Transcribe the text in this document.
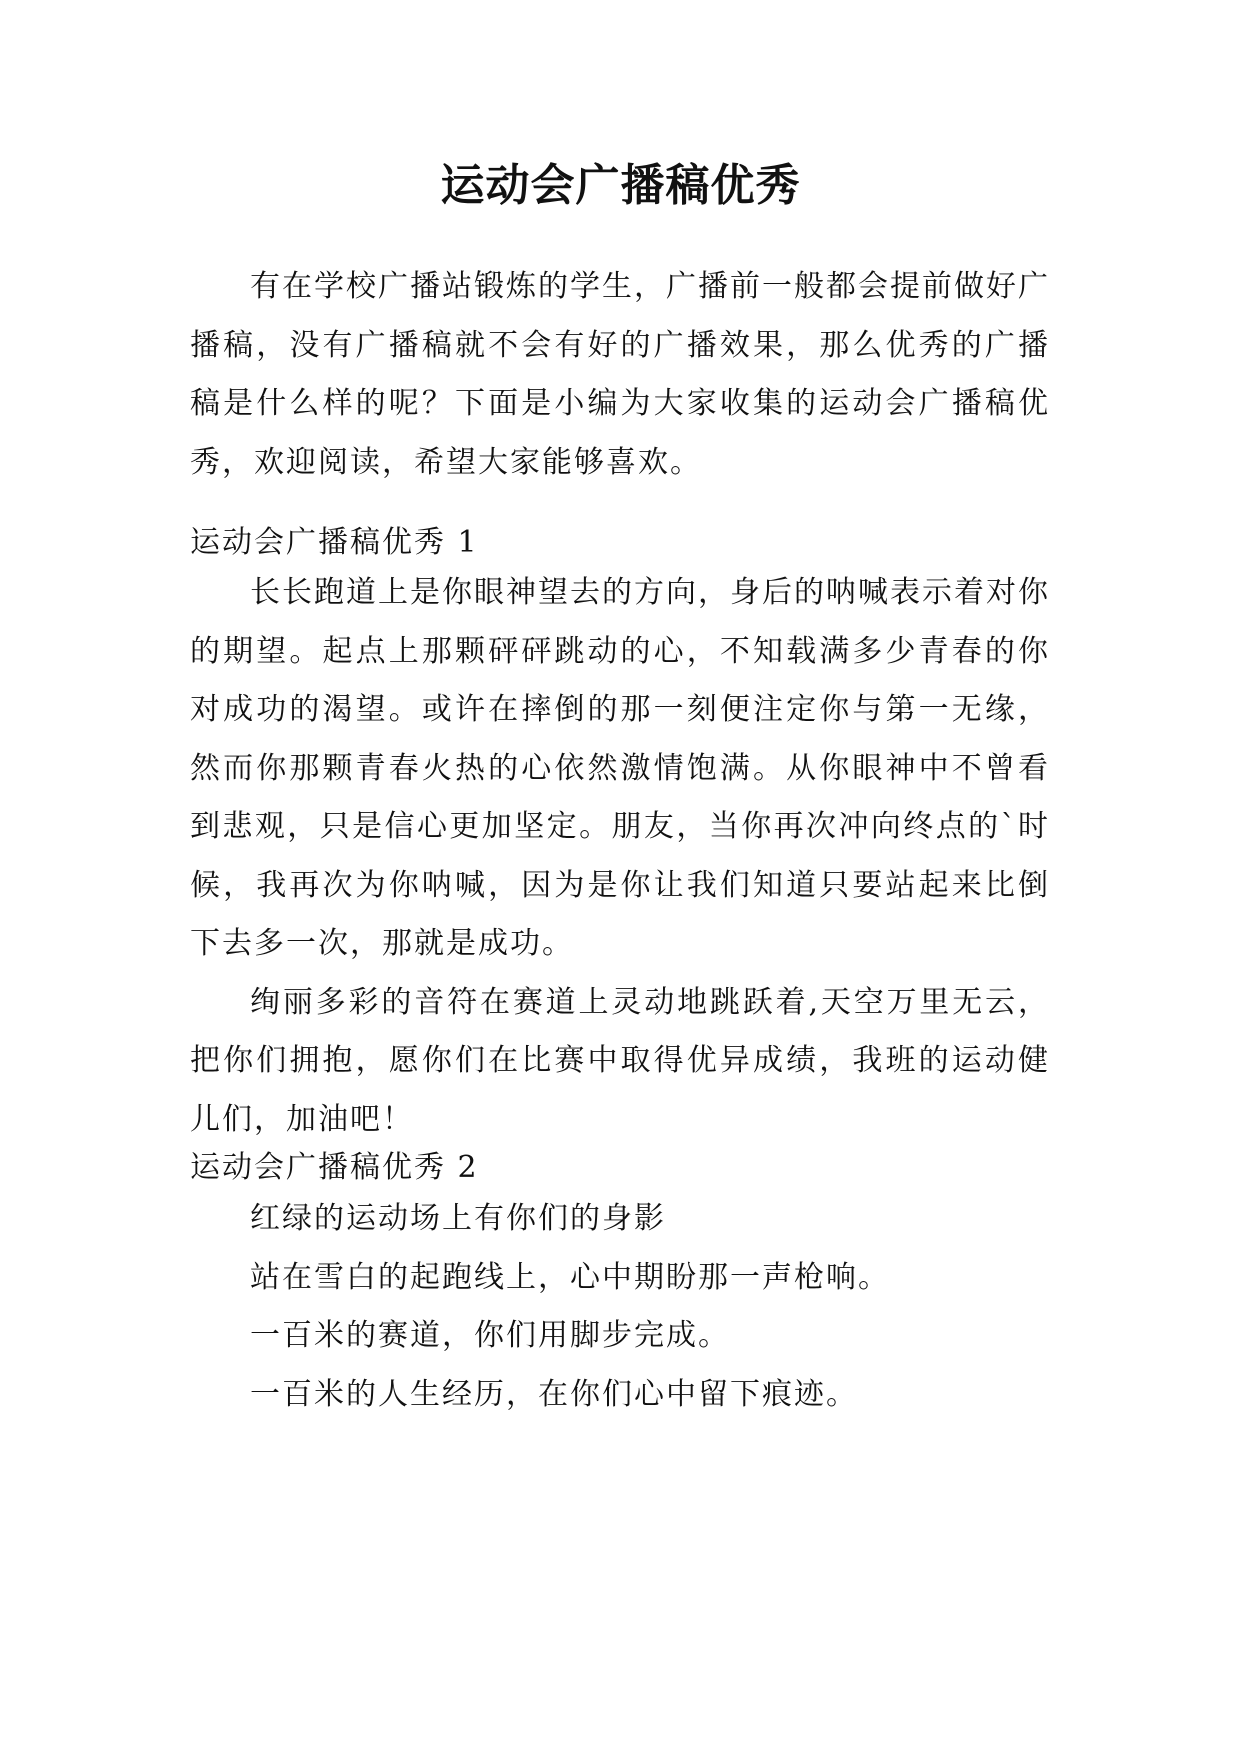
运动会广播稿优秀

有在学校广播站锻炼的学生，广播前一般都会提前做好广播稿，没有广播稿就不会有好的广播效果，那么优秀的广播稿是什么样的呢？下面是小编为大家收集的运动会广播稿优秀，欢迎阅读，希望大家能够喜欢。

运动会广播稿优秀 1

长长跑道上是你眼神望去的方向，身后的呐喊表示着对你的期望。起点上那颗砰砰跳动的心，不知载满多少青春的你对成功的渴望。或许在摔倒的那一刻便注定你与第一无缘，然而你那颗青春火热的心依然激情饱满。从你眼神中不曾看到悲观，只是信心更加坚定。朋友，当你再次冲向终点的`时候，我再次为你呐喊，因为是你让我们知道只要站起来比倒下去多一次，那就是成功。

绚丽多彩的音符在赛道上灵动地跳跃着,天空万里无云，把你们拥抱，愿你们在比赛中取得优异成绩，我班的运动健儿们，加油吧！

运动会广播稿优秀 2

红绿的运动场上有你们的身影

站在雪白的起跑线上，心中期盼那一声枪响。

一百米的赛道，你们用脚步完成。

一百米的人生经历，在你们心中留下痕迹。
